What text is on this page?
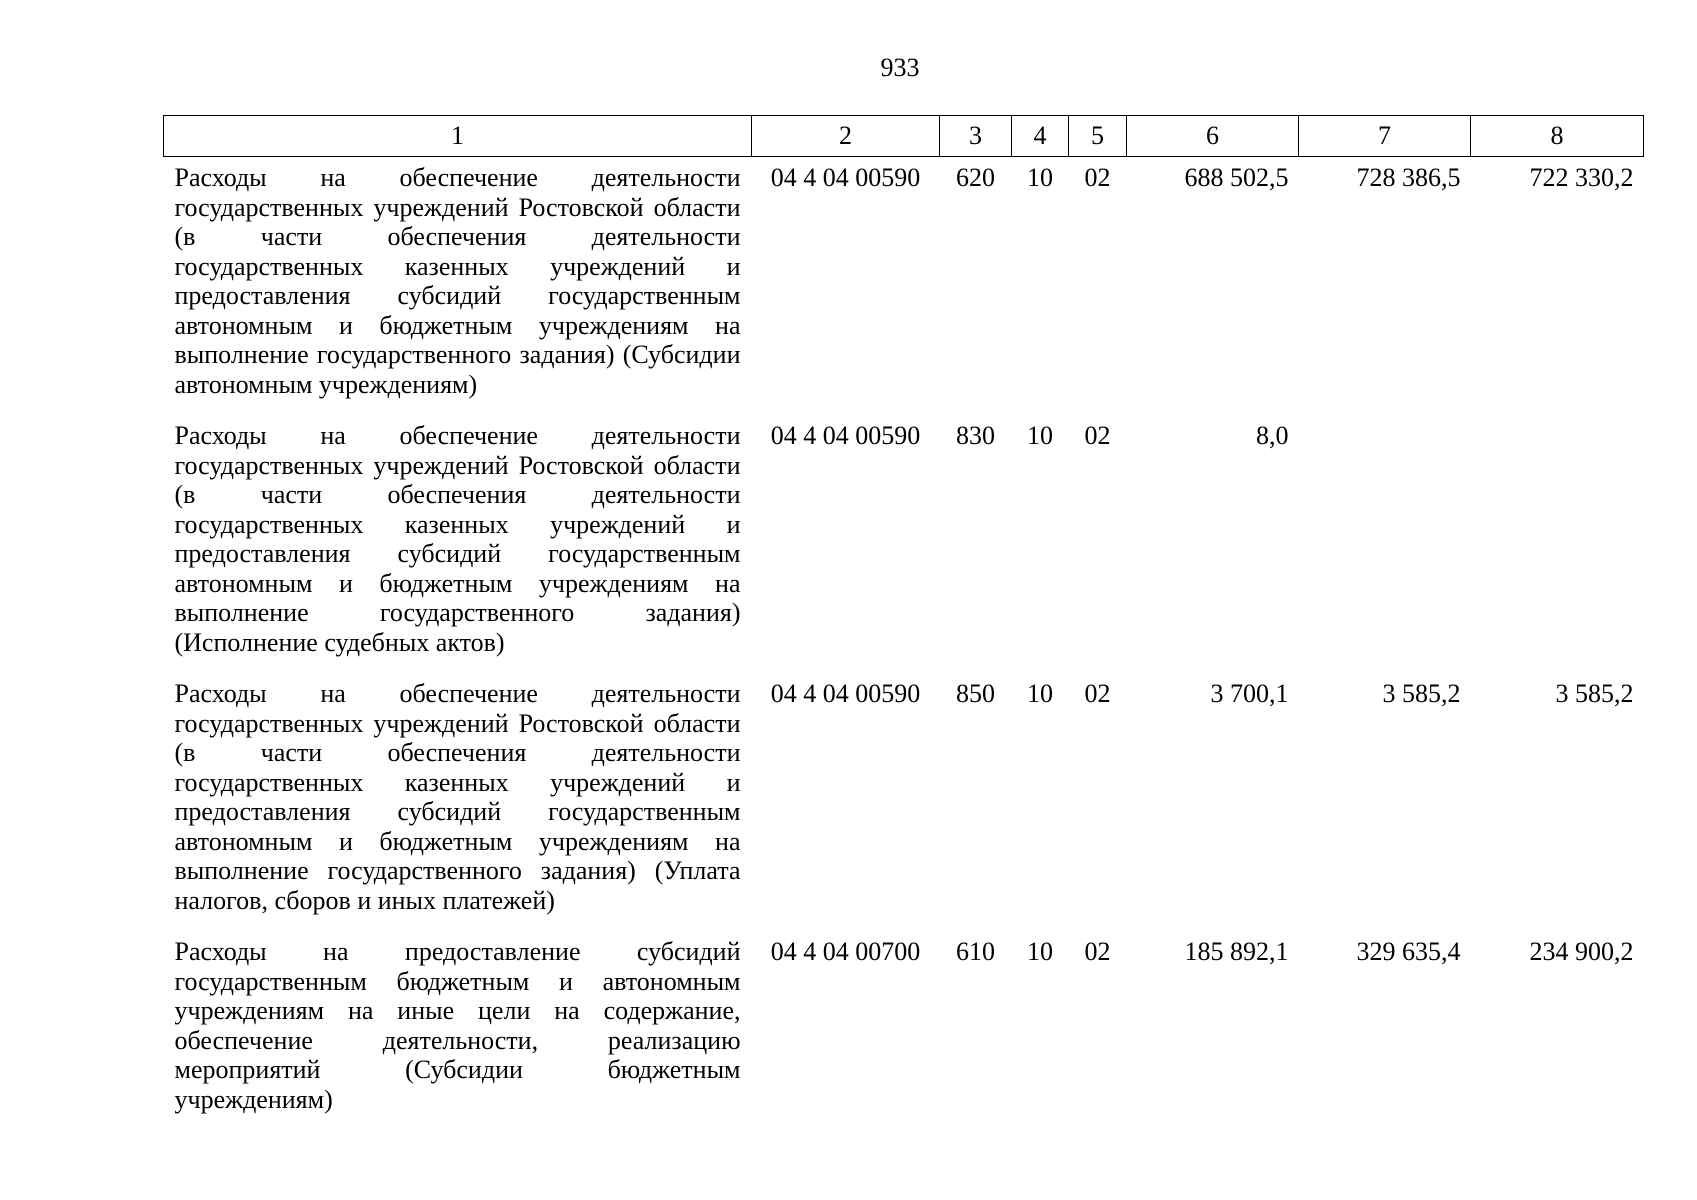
933
1	2	3	4	5	6	7	8
Расходы на обеспечение деятельности государственных учреждений Ростовской области (в части обеспечения деятельности государственных казенных учреждений и предоставления субсидий государственным автономным и бюджетным учреждениям на выполнение государственного задания) (Субсидии автономным учреждениям)	04 4 04 00590	620	10	02	688 502,5	728 386,5	722 330,2
Расходы на обеспечение деятельности государственных учреждений Ростовской области (в части обеспечения деятельности государственных казенных учреждений и предоставления субсидий государственным автономным и бюджетным учреждениям на выполнение государственного задания) (Исполнение судебных актов)	04 4 04 00590	830	10	02	8,0		
Расходы на обеспечение деятельности государственных учреждений Ростовской области (в части обеспечения деятельности государственных казенных учреждений и предоставления субсидий государственным автономным и бюджетным учреждениям на выполнение государственного задания) (Уплата налогов, сборов и иных платежей)	04 4 04 00590	850	10	02	3 700,1	3 585,2	3 585,2
Расходы на предоставление субсидий государственным бюджетным и автономным учреждениям на иные цели на содержание, обеспечение деятельности, реализацию мероприятий (Субсидии бюджетным учреждениям)	04 4 04 00700	610	10	02	185 892,1	329 635,4	234 900,2
